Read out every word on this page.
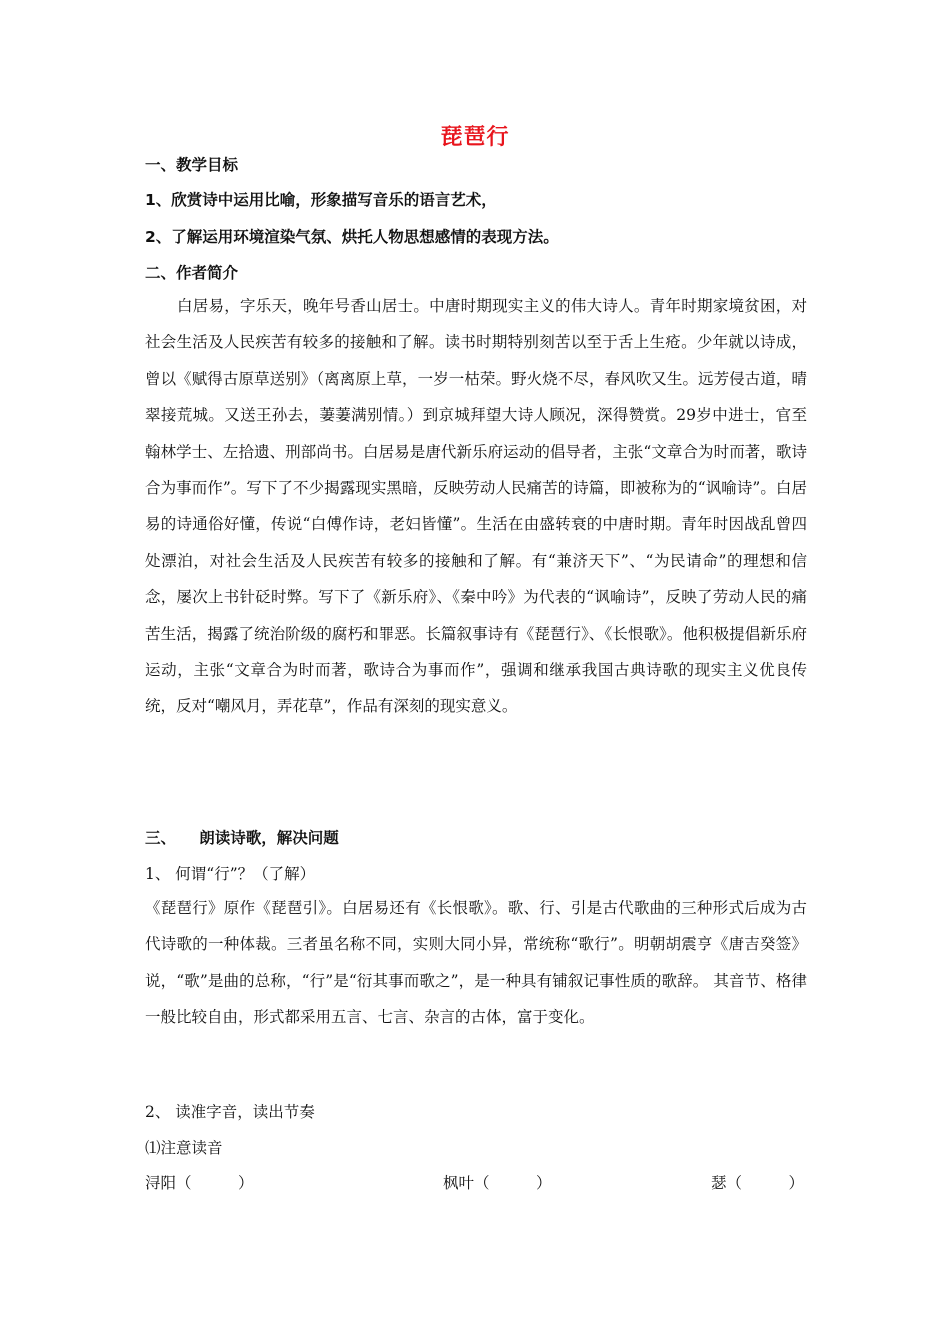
琵琶行
一、教学目标
1、欣赏诗中运用比喻，形象描写音乐的语言艺术，
2、了解运用环境渲染气氛、烘托人物思想感情的表现方法。
二、作者简介

白居易，字乐天，晚年号香山居士。中唐时期现实主义的伟大诗人。青年时期家境贫困，对社会生活及人民疾苦有较多的接触和了解。读书时期特别刻苦以至于舌上生疮。少年就以诗成，曾以《赋得古原草送别》（离离原上草，一岁一枯荣。野火烧不尽，春风吹又生。远芳侵古道，晴翠接荒城。又送王孙去，萋萋满别情。）到京城拜望大诗人顾况，深得赞赏。29岁中进士，官至翰林学士、左拾遗、刑部尚书。白居易是唐代新乐府运动的倡导者，主张“文章合为时而著，歌诗合为事而作”。写下了不少揭露现实黑暗，反映劳动人民痛苦的诗篇，即被称为的“讽喻诗”。白居易的诗通俗好懂，传说“白傅作诗，老妇皆懂”。生活在由盛转衰的中唐时期。青年时因战乱曾四处漂泊，对社会生活及人民疾苦有较多的接触和了解。有“兼济天下”、“为民请命”的理想和信念，屡次上书针砭时弊。写下了《新乐府》、《秦中吟》为代表的“讽喻诗”，反映了劳动人民的痛苦生活，揭露了统治阶级的腐朽和罪恶。长篇叙事诗有《琵琶行》、《长恨歌》。他积极提倡新乐府运动，主张“文章合为时而著，歌诗合为事而作”，强调和继承我国古典诗歌的现实主义优良传统，反对“嘲风月，弄花草”，作品有深刻的现实意义。

三、　　朗读诗歌，解决问题
1、 何谓“行”？（了解）

《琵琶行》原作《琵琶引》。白居易还有《长恨歌》。歌、行、引是古代歌曲的三种形式后成为古代诗歌的一种体裁。三者虽名称不同，实则大同小异，常统称“歌行”。明朝胡震亨《唐吉癸签》说，“歌”是曲的总称，“行”是“衍其事而歌之”，是一种具有铺叙记事性质的歌辞。 其音节、格律一般比较自由，形式都采用五言、七言、杂言的古体，富于变化。

2、 读准字音，读出节奏
⑴注意读音
浔阳（　　　）	枫叶（　　　）	瑟（　　　）
